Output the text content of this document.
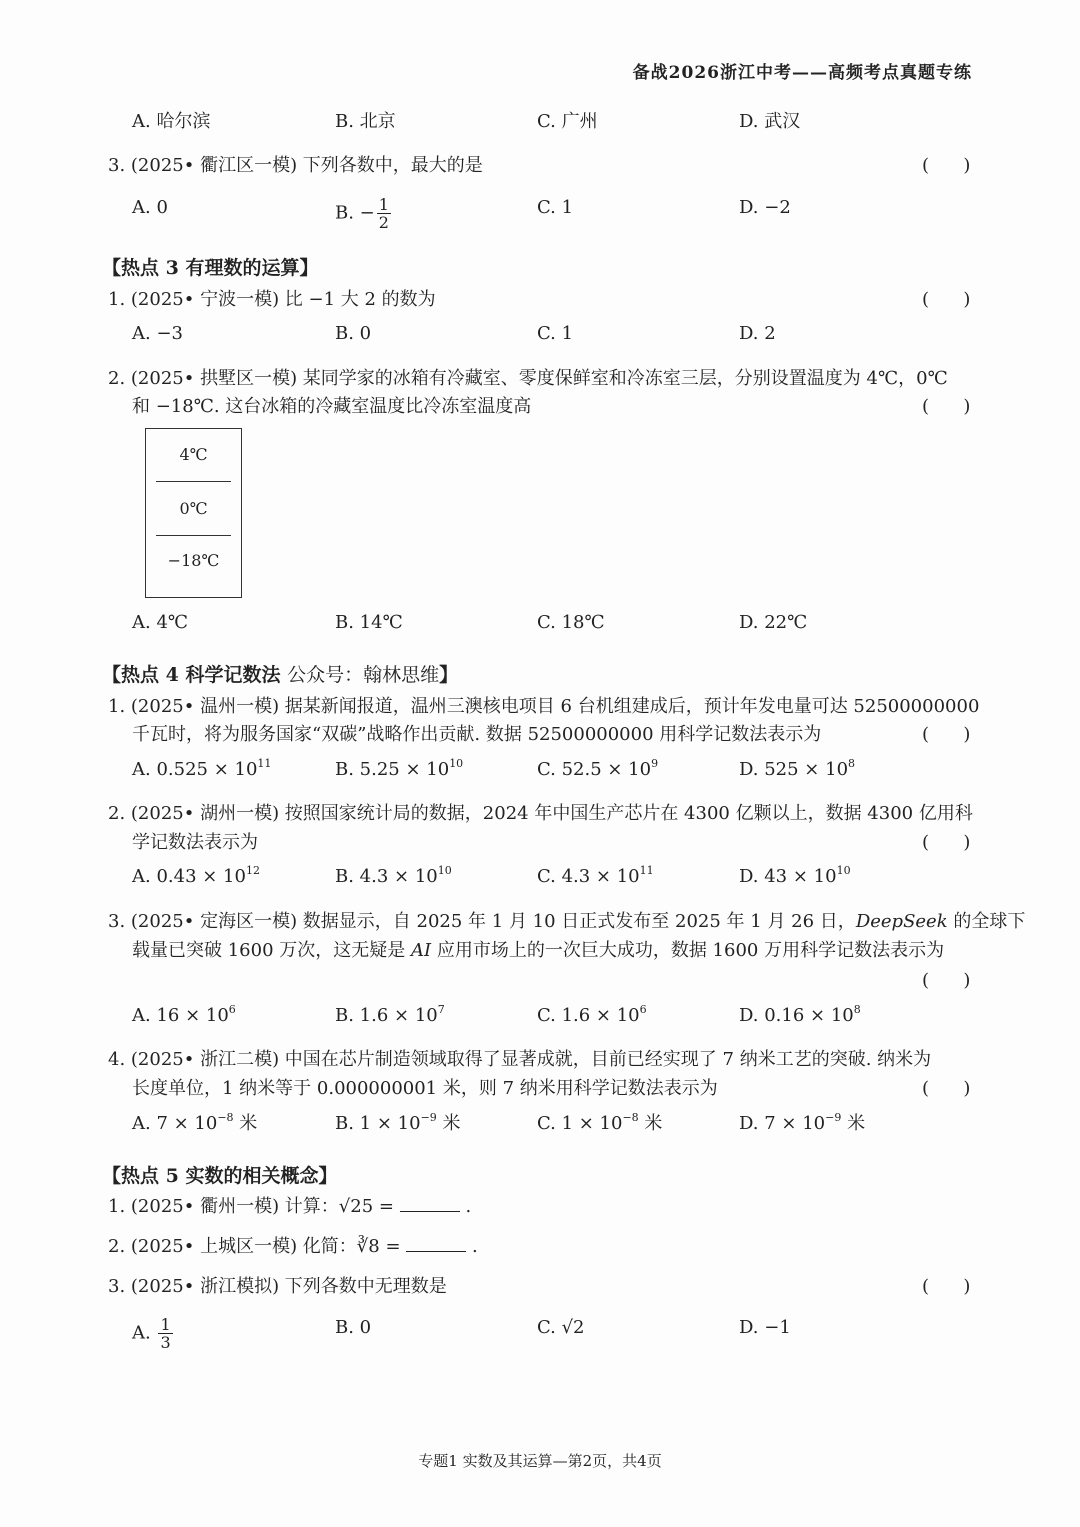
备战2026浙江中考——高频考点真题专练
A. 哈尔滨	B. 北京	C. 广州	D. 武汉
3. (2025• 衢江区一模) 下列各数中，最大的是	(      )
A. 0	B. − $\frac{1}{2}$	C. 1	D. −2
【热点 3 有理数的运算】
1. (2025• 宁波一模) 比 −1 大 2 的数为	(      )
A. −3	B. 0	C. 1	D. 2
2. (2025• 拱墅区一模) 某同学家的冰箱有冷藏室、零度保鲜室和冷冻室三层，分别设置温度为 4℃，0℃
和 −18℃. 这台冰箱的冷藏室温度比冷冻室温度高	(      )
4℃
0℃
−18℃
A. 4℃	B. 14℃	C. 18℃	D. 22℃
【热点 4 科学记数法 公众号：翰林思维】
1. (2025• 温州一模) 据某新闻报道，温州三澳核电项目 6 台机组建成后，预计年发电量可达 52500000000
千瓦时，将为服务国家“双碳”战略作出贡献. 数据 52500000000 用科学记数法表示为	(      )
A. $0.525 \times 10^{11}$	B. $5.25 \times 10^{10}$	C. $52.5 \times 10^9$	D. $525 \times 10^8$
2. (2025• 湖州一模) 按照国家统计局的数据，2024 年中国生产芯片在 4300 亿颗以上，数据 4300 亿用科
学记数法表示为	(      )
A. $0.43 \times 10^{12}$	B. $4.3 \times 10^{10}$	C. $4.3 \times 10^{11}$	D. $43 \times 10^{10}$
3. (2025• 定海区一模) 数据显示，自 2025 年 1 月 10 日正式发布至 2025 年 1 月 26 日，DeepSeek 的全球下
载量已突破 1600 万次，这无疑是 AI 应用市场上的一次巨大成功，数据 1600 万用科学记数法表示为
(      )
A. $16 \times 10^6$	B. $1.6 \times 10^7$	C. $1.6 \times 10^6$	D. $0.16 \times 10^8$
4. (2025• 浙江二模) 中国在芯片制造领域取得了显著成就，目前已经实现了 7 纳米工艺的突破. 纳米为
长度单位，1 纳米等于 0.000000001 米，则 7 纳米用科学记数法表示为	(      )
A. $7 \times 10^{-8}$ 米	B. $1 \times 10^{-9}$ 米	C. $1 \times 10^{-8}$ 米	D. $7 \times 10^{-9}$ 米
【热点 5 实数的相关概念】
1. (2025• 衢州一模) 计算：√25 =	.
2. (2025• 上城区一模) 化简：∛8 =	.
3. (2025• 浙江模拟) 下列各数中无理数是	(      )
A. $\frac{1}{3}$	B. 0	C. √2	D. −1
专题1 实数及其运算—第2页，共4页
